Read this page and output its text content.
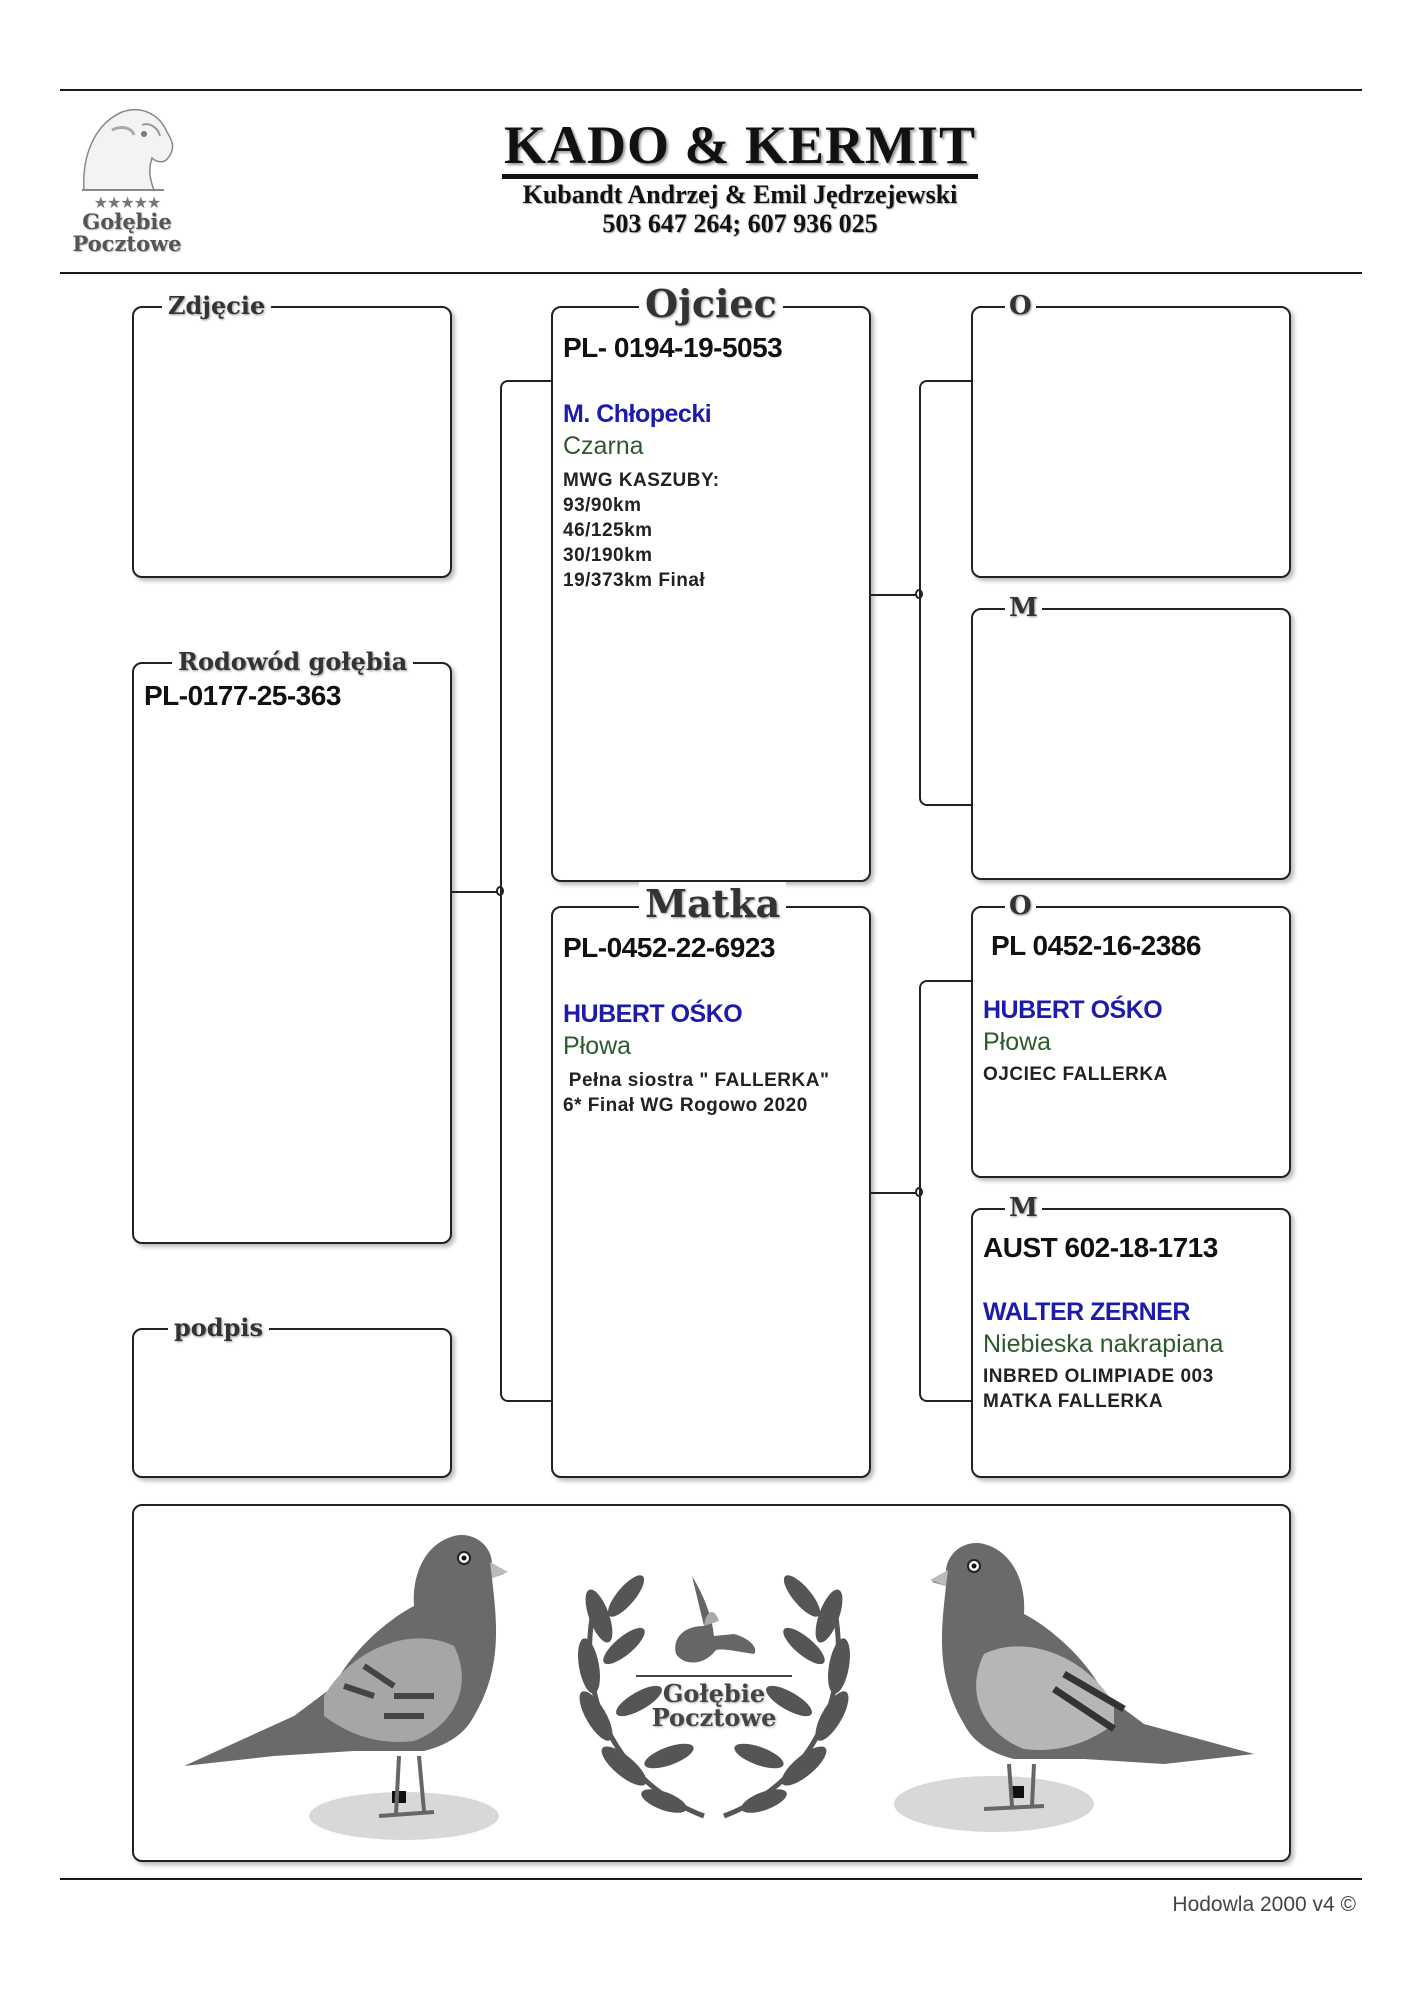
★★★★★
Gołębie
Pocztowe
KADO & KERMIT
Kubandt Andrzej & Emil Jędrzejewski
503 647 264; 607 936 025
Zdjęcie
Rodowód gołębia
PL-0177-25-363
podpis
Ojciec
PL- 0194-19-5053
M. Chłopecki
Czarna
MWG KASZUBY:
93/90km
46/125km
30/190km
19/373km Finał
Matka
PL-0452-22-6923
HUBERT OŚKO
Płowa
Pełna siostra " FALLERKA"
6* Finał WG Rogowo 2020
O
M
O
PL 0452-16-2386
HUBERT OŚKO
Płowa
OJCIEC FALLERKA
M
AUST 602-18-1713
WALTER ZERNER
Niebieska nakrapiana
INBRED OLIMPIADE 003
MATKA FALLERKA
Gołębie
Pocztowe
Hodowla 2000 v4 ©
